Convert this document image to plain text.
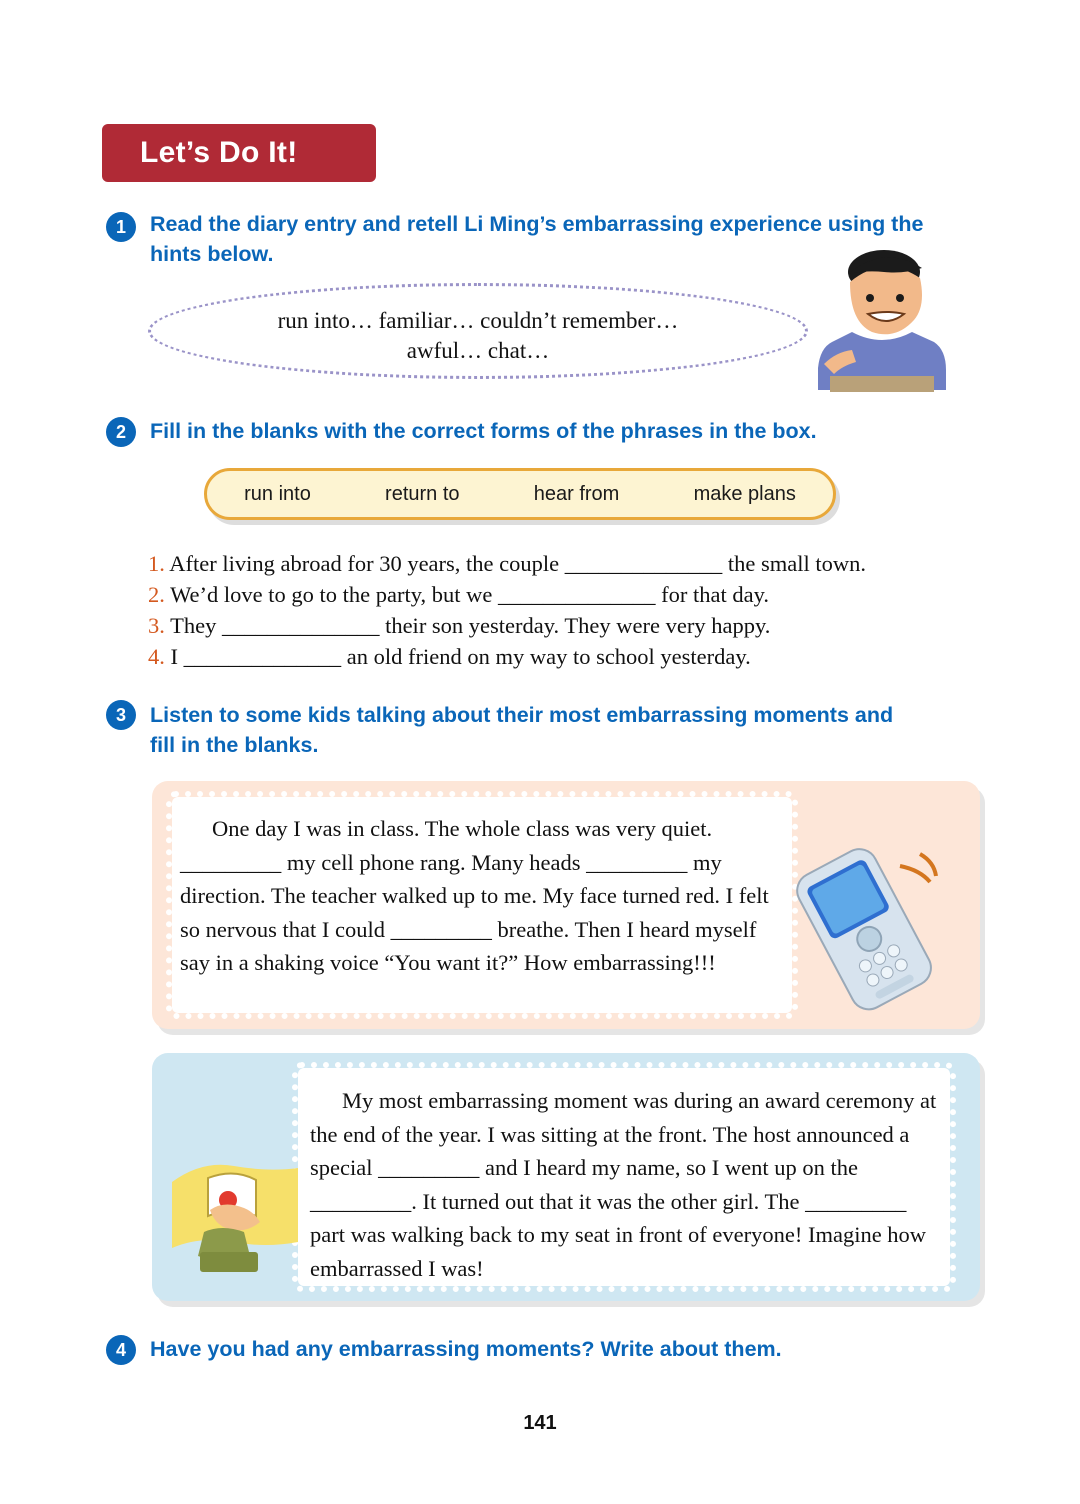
Let’s Do It!
1	Read the diary entry and retell Li Ming’s embarrassing experience using the hints below.
run into… familiar… couldn’t remember…
awful… chat…
2	Fill in the blanks with the correct forms of the phrases in the box.
run into	return to	hear from	make plans
1. After living abroad for 30 years, the couple ______________ the small town.
2. We’d love to go to the party, but we ______________ for that day.
3. They ______________ their son yesterday. They were very happy.
4. I ______________ an old friend on my way to school yesterday.
3	Listen to some kids talking about their most embarrassing moments and fill in the blanks.
One day I was in class. The whole class was very quiet. _________ my cell phone rang. Many heads _________ my direction. The teacher walked up to me. My face turned red. I felt so nervous that I could _________ breathe. Then I heard myself say in a shaking voice “You want it?” How embarrassing!!!
My most embarrassing moment was during an award ceremony at the end of the year. I was sitting at the front. The host announced a special _________ and I heard my name, so I went up on the _________. It turned out that it was the other girl. The _________ part was walking back to my seat in front of everyone! Imagine how embarrassed I was!
4	Have you had any embarrassing moments? Write about them.
141
